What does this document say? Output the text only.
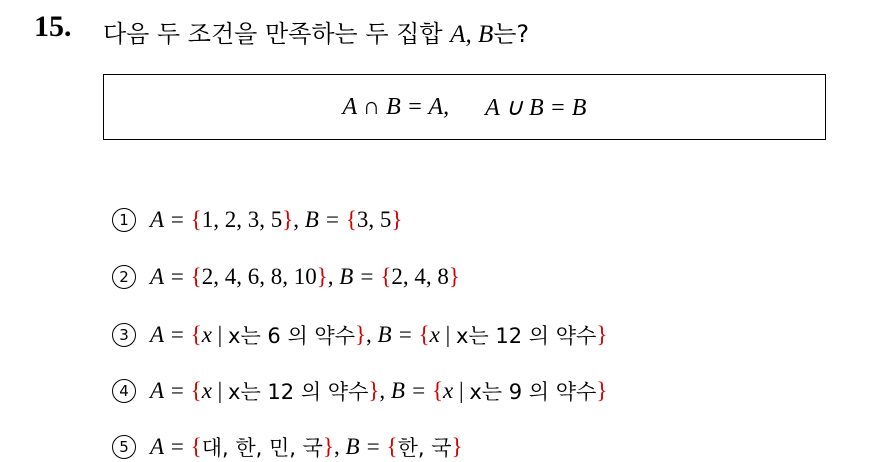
15. 다음 두 조건을 만족하는 두 집합 A, B는?
A ∩ B = A,
A ∪ B = B
1 A =
{ 1, 2, 3, 5 } , B =
{ 3, 5 }
2 A =
{ 2, 4, 6, 8, 10 } , B =
{ 2, 4, 8 }
3 A =
{ x | x는 6 의 약수 } , B =
{ x | x는 12 의 약수 }
4 A =
{ x | x는 12 의 약수 } , B =
{ x | x는 9 의 약수 }
5 A =
{ 대, 한, 민, 국 } , B =
{ 한, 국 }
